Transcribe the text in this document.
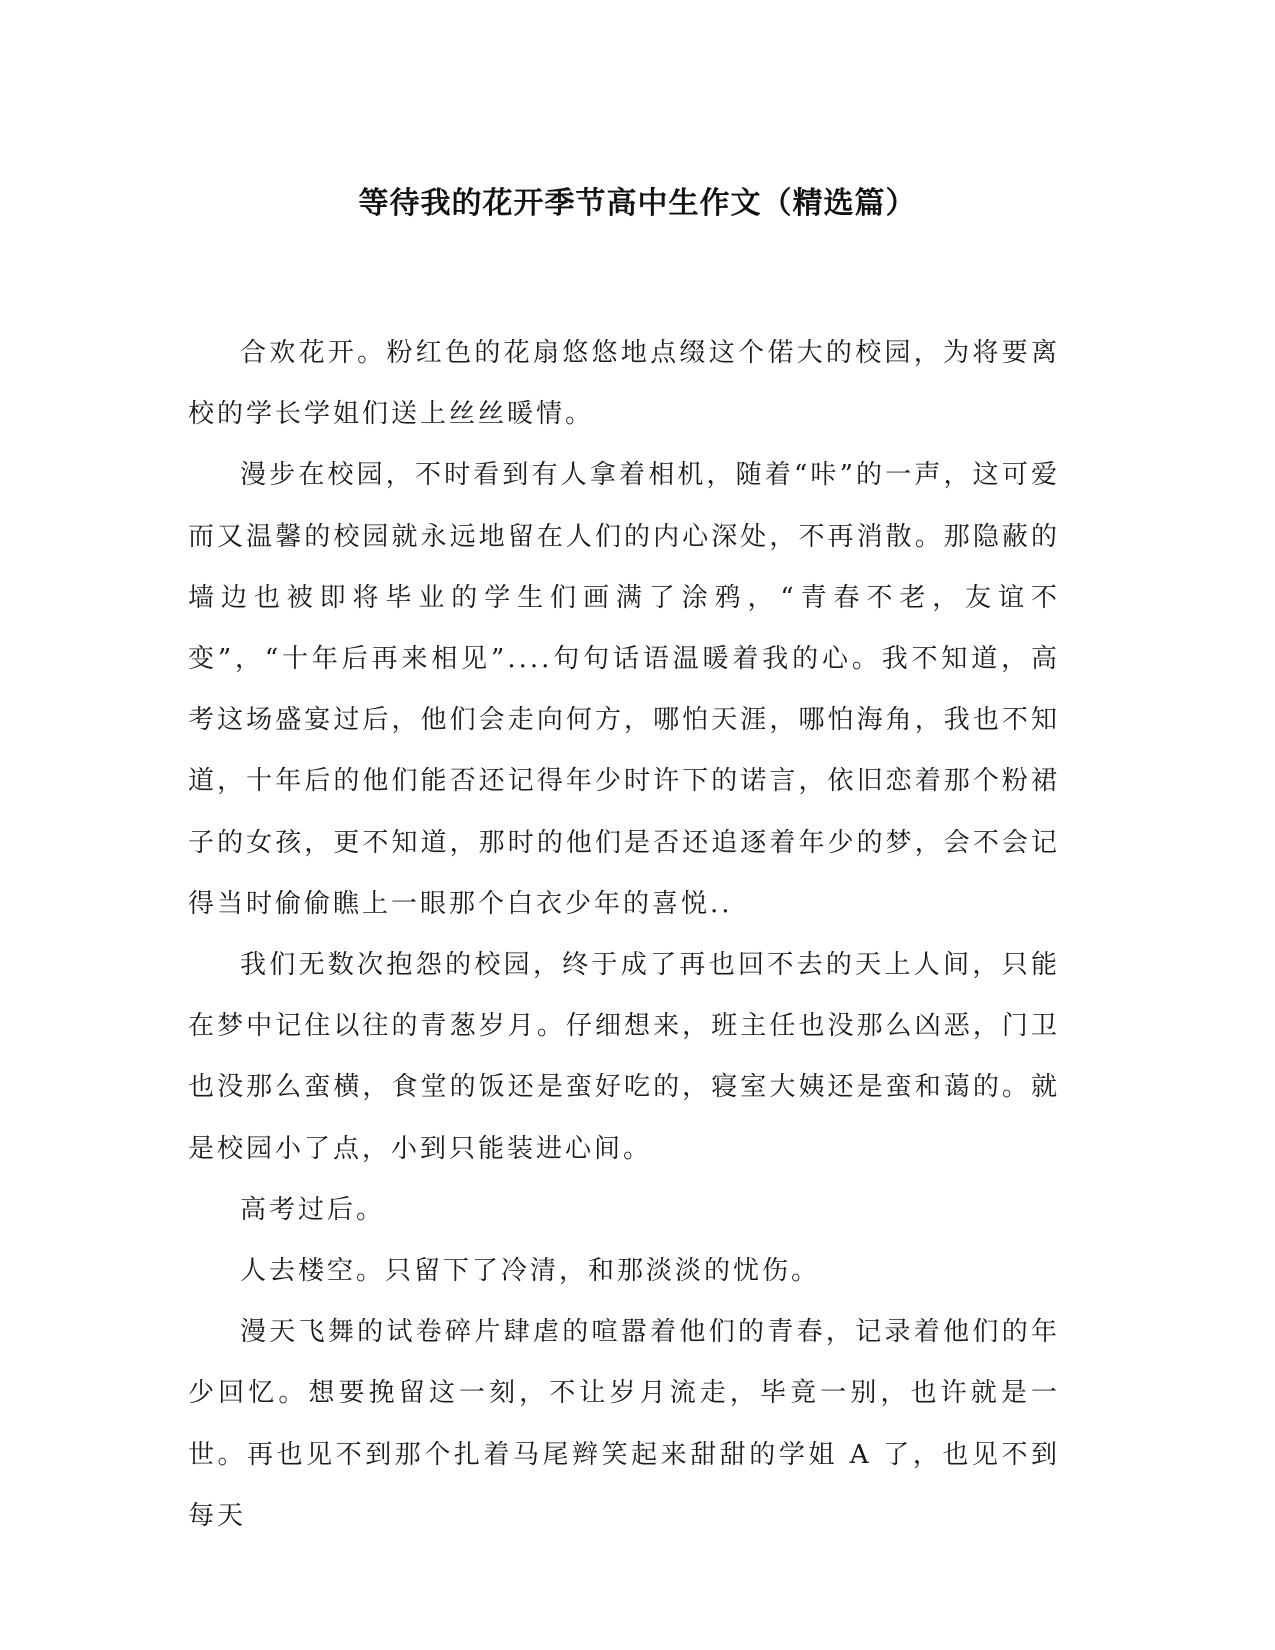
等待我的花开季节高中生作文（精选篇）

合欢花开。粉红色的花扇悠悠地点缀这个偌大的校园，为将要离校的学长学姐们送上丝丝暖情。

漫步在校园，不时看到有人拿着相机，随着“咔”的一声，这可爱而又温馨的校园就永远地留在人们的内心深处，不再消散。那隐蔽的墙边也被即将毕业的学生们画满了涂鸦，“青春不老，友谊不变”，“十年后再来相见”....句句话语温暖着我的心。我不知道，高考这场盛宴过后，他们会走向何方，哪怕天涯，哪怕海角，我也不知道，十年后的他们能否还记得年少时许下的诺言，依旧恋着那个粉裙子的女孩，更不知道，那时的他们是否还追逐着年少的梦，会不会记得当时偷偷瞧上一眼那个白衣少年的喜悦..

我们无数次抱怨的校园，终于成了再也回不去的天上人间，只能在梦中记住以往的青葱岁月。仔细想来，班主任也没那么凶恶，门卫也没那么蛮横，食堂的饭还是蛮好吃的，寝室大姨还是蛮和蔼的。就是校园小了点，小到只能装进心间。

高考过后。

人去楼空。只留下了冷清，和那淡淡的忧伤。

漫天飞舞的试卷碎片肆虐的喧嚣着他们的青春，记录着他们的年少回忆。想要挽留这一刻，不让岁月流走，毕竟一别，也许就是一世。再也见不到那个扎着马尾辫笑起来甜甜的学姐 A 了，也见不到每天
